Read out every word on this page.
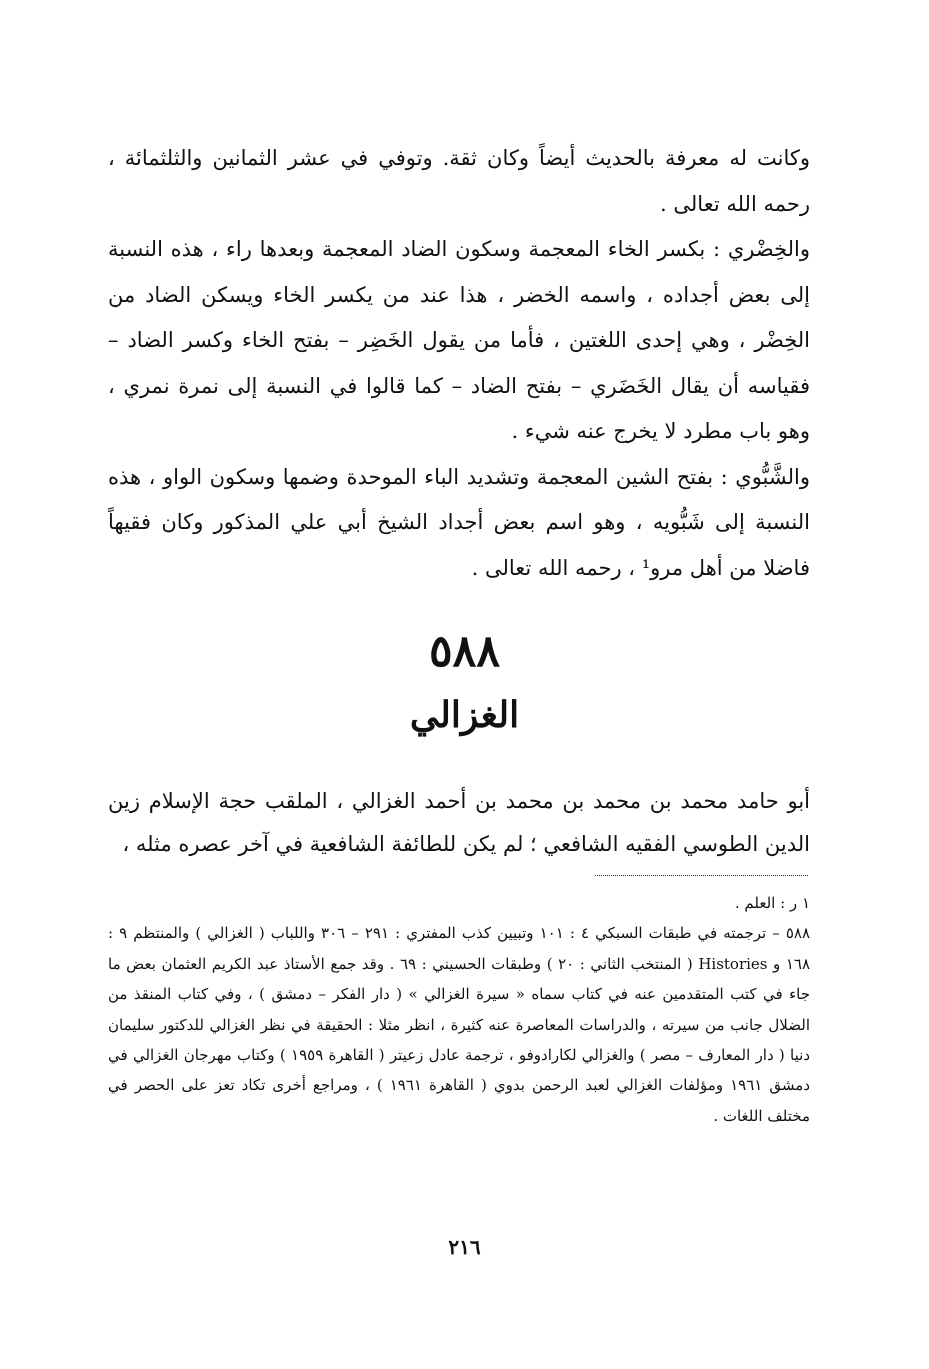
وكانت له معرفة بالحديث أيضاً وكان ثقة. وتوفي في عشر الثمانين والثلثمائة ، رحمه الله تعالى .

والخِضْري : بكسر الخاء المعجمة وسكون الضاد المعجمة وبعدها راء ، هذه النسبة إلى بعض أجداده ، واسمه الخضر ، هذا عند من يكسر الخاء ويسكن الضاد من الخِضْر ، وهي إحدى اللغتين ، فأما من يقول الخَضِر – بفتح الخاء وكسر الضاد – فقياسه أن يقال الخَضَري – بفتح الضاد – كما قالوا في النسبة إلى نمرة نمري ، وهو باب مطرد لا يخرج عنه شيء .

والشَّبُّوي : بفتح الشين المعجمة وتشديد الباء الموحدة وضمها وسكون الواو ، هذه النسبة إلى شَبُّويه ، وهو اسم بعض أجداد الشيخ أبي علي المذكور وكان فقيهاً فاضلا من أهل مرو¹ ، رحمه الله تعالى .

٥٨٨
الغزالي

أبو حامد محمد بن محمد بن محمد بن أحمد الغزالي ، الملقب حجة الإسلام زين الدين الطوسي الفقيه الشافعي ؛ لم يكن للطائفة الشافعية في آخر عصره مثله ،

١ ر : العلم .

٥٨٨ – ترجمته في طبقات السبكي ٤ : ١٠١ وتبيين كذب المفتري : ٢٩١ – ٣٠٦ واللباب ( الغزالي ) والمنتظم ٩ : ١٦٨ و Histories ( المنتخب الثاني : ٢٠ ) وطبقات الحسيني : ٦٩ . وقد جمع الأستاذ عبد الكريم العثمان بعض ما جاء في كتب المتقدمين عنه في كتاب سماه « سيرة الغزالي » ( دار الفكر – دمشق ) ، وفي كتاب المنقذ من الضلال جانب من سيرته ، والدراسات المعاصرة عنه كثيرة ، انظر مثلا : الحقيقة في نظر الغزالي للدكتور سليمان دنيا ( دار المعارف – مصر ) والغزالي لكارادوفو ، ترجمة عادل زعيتر ( القاهرة ١٩٥٩ ) وكتاب مهرجان الغزالي في دمشق ١٩٦١ ومؤلفات الغزالي لعبد الرحمن بدوي ( القاهرة ١٩٦١ ) ، ومراجع أخرى تكاد تعز على الحصر في مختلف اللغات .

٢١٦
